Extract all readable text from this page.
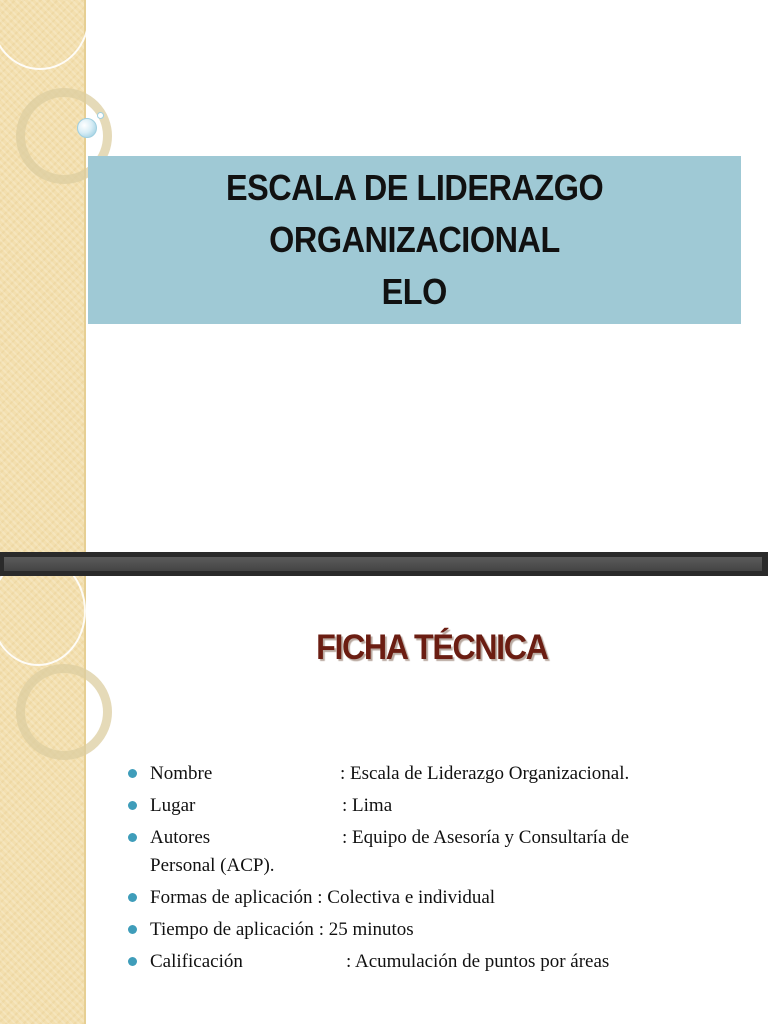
ESCALA DE LIDERAZGO
ORGANIZACIONAL
ELO
FICHA TÉCNICA
Nombre	: Escala de Liderazgo Organizacional.
Lugar	: Lima
Autores	: Equipo de Asesoría y Consultaría de
Personal (ACP).
Formas de aplicación : Colectiva e individual
Tiempo de aplicación : 25 minutos
Calificación	: Acumulación de puntos por áreas
